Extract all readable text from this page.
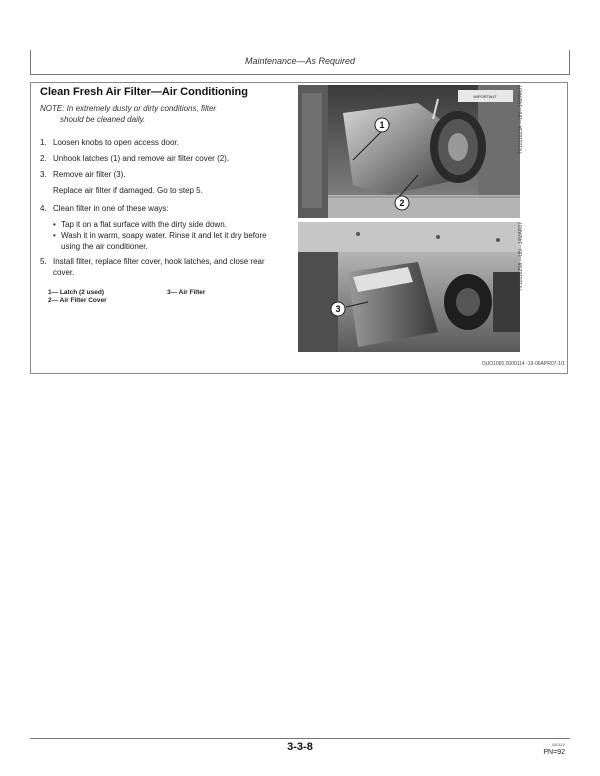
Maintenance—As Required
Clean Fresh Air Filter—Air Conditioning
NOTE: In extremely dusty or dirty conditions, filter
should be cleaned daily.
1. Loosen knobs to open access door.
2. Unhook latches (1) and remove air filter cover (2).
3. Remove air filter (3).
Replace air filter if damaged. Go to step 5.
4. Clean filter in one of these ways:
• Tap it on a flat surface with the dirty side down.
• Wash it in warm, soapy water. Rinse it and let it dry before using the air conditioner.
5. Install filter, replace filter cover, hook latches, and close rear cover.
1— Latch (2 used)
2— Air Filter Cover
3— Air Filter
IMPORTANT
1
2
TX1011623A —UN—14MAR07
3
TX1011629A —UN—14MAR07
OUO1065,0000114 -19-06APR07-1/1
3-3-8	040110
PN=92
